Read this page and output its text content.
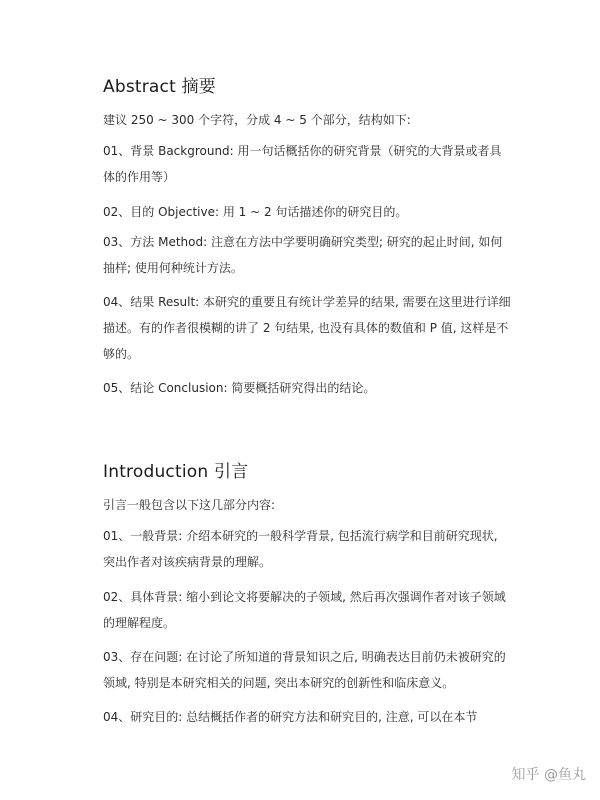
Abstract 摘要

建议 250 ~ 300 个字符，分成 4 ~ 5 个部分，结构如下:

01、背景 Background: 用一句话概括你的研究背景（研究的大背景或者具体的作用等）

02、目的 Objective: 用 1 ~ 2 句话描述你的研究目的。

03、方法 Method: 注意在方法中学要明确研究类型; 研究的起止时间, 如何抽样; 使用何种统计方法。

04、结果 Result: 本研究的重要且有统计学差异的结果, 需要在这里进行详细描述。有的作者很模糊的讲了 2 句结果, 也没有具体的数值和 P 值, 这样是不够的。

05、结论 Conclusion: 简要概括研究得出的结论。

Introduction 引言

引言一般包含以下这几部分内容:

01、一般背景: 介绍本研究的一般科学背景, 包括流行病学和目前研究现状, 突出作者对该疾病背景的理解。

02、具体背景: 缩小到论文将要解决的子领域, 然后再次强调作者对该子领域的理解程度。

03、存在问题: 在讨论了所知道的背景知识之后, 明确表达目前仍未被研究的领域, 特别是本研究相关的问题, 突出本研究的创新性和临床意义。

04、研究目的: 总结概括作者的研究方法和研究目的, 注意, 可以在本节

知乎 @鱼丸
